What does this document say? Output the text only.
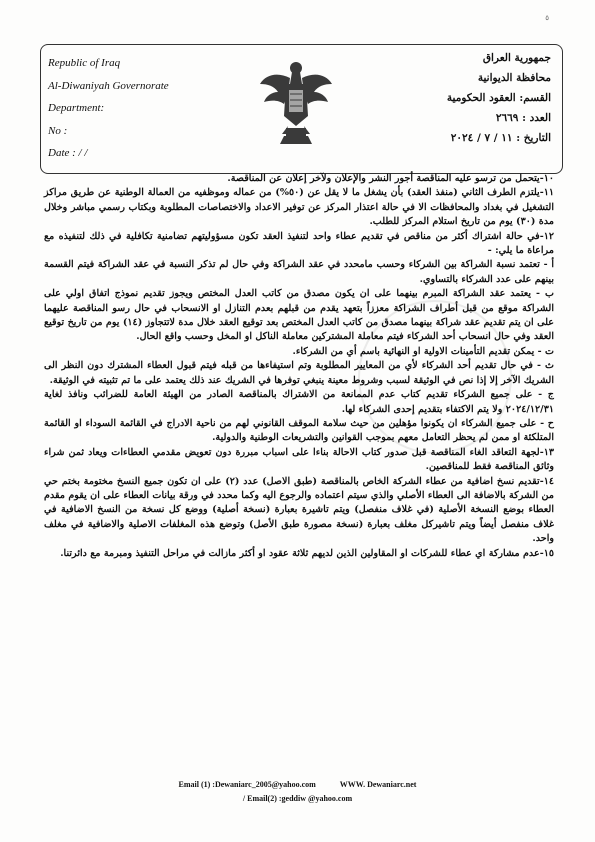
٥
Republic of Iraq
Al-Diwaniyah Governorate
Department:
No :
Date : / /
جمهورية العراق
محافظة الديوانية
القسم: العقود الحكومية
العدد : ٢٦٦٩
التاريخ : ١١ / ٧ / ٢٠٢٤

١٠-يتحمل من ترسو عليه المناقصة أجور النشر والإعلان ولآخر إعلان عن المناقصة.

١١-يلتزم الطرف الثاني (منفذ العقد) بأن يشغل ما لا يقل عن (٥٠%) من عماله وموظفيه من العمالة الوطنية عن طريق مراكز التشغيل في بغداد والمحافظات الا في حالة اعتذار المركز عن توفير الاعداد والاختصاصات المطلوبة وبكتاب رسمي مباشر وخلال مدة (٣٠) يوم من تاريخ استلام المركز للطلب.

١٢-في حالة اشتراك أكثر من مناقص في تقديم عطاء واحد لتنفيذ العقد تكون مسؤوليتهم تضامنية تكافلية في ذلك لتنفيذه مع مراعاة ما يلي: -

أ - تعتمد نسبة الشراكة بين الشركاء وحسب مامحدد في عقد الشراكة وفي حال لم تذكر النسبة في عقد الشراكة فيتم القسمة بينهم على عدد الشركاء بالتساوي.

ب - يعتمد عقد الشراكة المبرم بينهما على ان يكون مصدق من كاتب العدل المختص ويجوز تقديم نموذج اتفاق اولي على الشراكة موقع من قبل أطراف الشراكة معززاً بتعهد يقدم من قبلهم بعدم التنازل او الانسحاب في حال رسو المناقصة عليهما على ان يتم تقديم عقد شراكة بينهما مصدق من كاتب العدل المختص بعد توقيع العقد خلال مدة لاتتجاوز (١٤) يوم من تاريخ توقيع العقد وفي حال انسحاب أحد الشركاء فيتم معاملة المشتركين معاملة الناكل او المخل وحسب واقع الحال.

ت - يمكن تقديم التأمينات الاولية او النهائية باسم أي من الشركاء.

ث - في حال تقديم أحد الشركاء لأي من المعايير المطلوبة وتم استيفاءها من قبله فيتم قبول العطاء المشترك دون النظر الى الشريك الآخر إلا إذا نص في الوثيقة لسبب وشروط معينة ينبغي توفرها في الشريك عند ذلك يعتمد على ما تم تثبيته في الوثيقة.

ج - على جميع الشركاء تقديم كتاب عدم الممانعة من الاشتراك بالمناقصة الصادر من الهيئة العامة للضرائب ونافذ لغاية ٢٠٢٤/١٢/٣١ ولا يتم الاكتفاء بتقديم إحدى الشركاء لها.

ح - على جميع الشركاء ان يكونوا مؤهلين من حيث سلامة الموقف القانوني لهم من ناحية الادراج في القائمة السوداء او القائمة المتلكئة او ممن لم يحظر التعامل معهم بموجب القوانين والتشريعات الوطنية والدولية.

١٣-لجهة التعاقد الغاء المناقصة قبل صدور كتاب الاحالة بناءا على اسباب مبررة دون تعويض مقدمي العطاءات ويعاد ثمن شراء وثائق المناقصة فقط للمناقصين.

١٤-تقديم نسخ اضافية من عطاء الشركة الخاص بالمناقصة (طبق الاصل) عدد (٢) على ان تكون جميع النسخ مختومة بختم حي من الشركة بالاضافة الى العطاء الأصلي والذي سيتم اعتماده والرجوع اليه وكما محدد في ورقة بيانات العطاء على ان يقوم مقدم العطاء بوضع النسخة الأصلية (في غلاف منفصل) ويتم تاشيرة بعبارة (نسخة أصلية) ووضع كل نسخة من النسخ الاضافية في غلاف منفصل أيضاً ويتم تاشيركل مغلف بعبارة (نسخة مصورة طبق الأصل) وتوضع هذه المغلفات الاصلية والاضافية في مغلف واحد.

١٥-عدم مشاركة اي عطاء للشركات او المقاولين الذين لديهم ثلاثة عقود او أكثر مازالت في مراحل التنفيذ ومبرمة مع دائرتنا.

Email (1) :Dewaniarc_2005@yahoo.com	WWW. Dewaniarc.net
/ Email(2) :geddiw @yahoo.com
